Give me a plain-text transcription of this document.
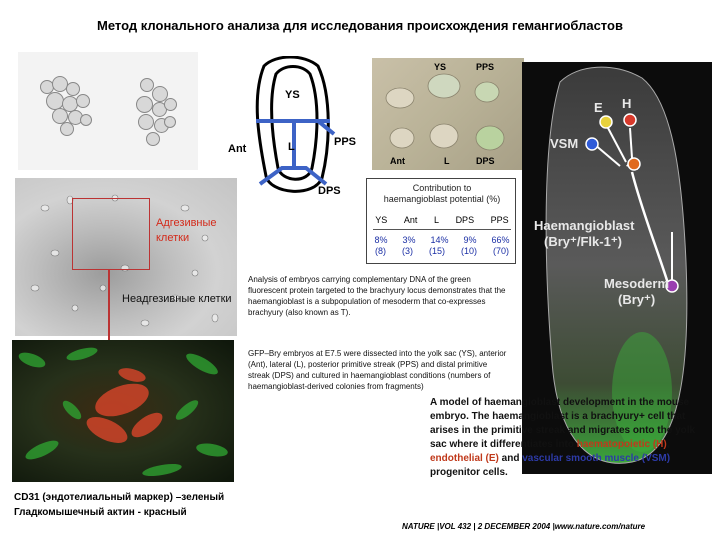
Метод клонального анализа для исследования происхождения гемангиобластов
Адгезивные клетки
Неадгезивные клетки
CD31 (эндотелиальный маркер) –зеленый
Гладкомышечный актин - красный
YS
PPS
Ant	L
DPS
YS	PPS
Ant	L	DPS
Contribution to
haemangioblast potential (%)
YS Ant L DPS PPS
8% 3% 14% 9% 66%
(8) (3) (15) (10) (70)
Analysis of embryos carrying complementary DNA of the green fluorescent protein targeted to the brachyury locus demonstrates that the haemangioblast is a subpopulation of mesoderm that co-expresses brachyury (also known as T).
GFP–Bry embryos at E7.5 were dissected into the yolk sac (YS), anterior (Ant), lateral (L), posterior primitive streak (PPS) and distal primitive streak (DPS) and cultured in haemangioblast conditions (numbers of haemangioblast-derived colonies from fragments)
E H
VSM
Haemangioblast
(Bry⁺/Flk-1⁺)
Mesoderm
(Bry⁺)
A model of haemangioblast development in the mouse embryo. The haemangioblast is a brachyury+ cell that arises in the primitive streak and migrates onto the yolk sac where it differentiates into haematopoietic (H), endothelial (E) and vascular smooth muscle (VSM) progenitor cells.
NATURE |VOL 432 | 2 DECEMBER 2004 |www.nature.com/nature
